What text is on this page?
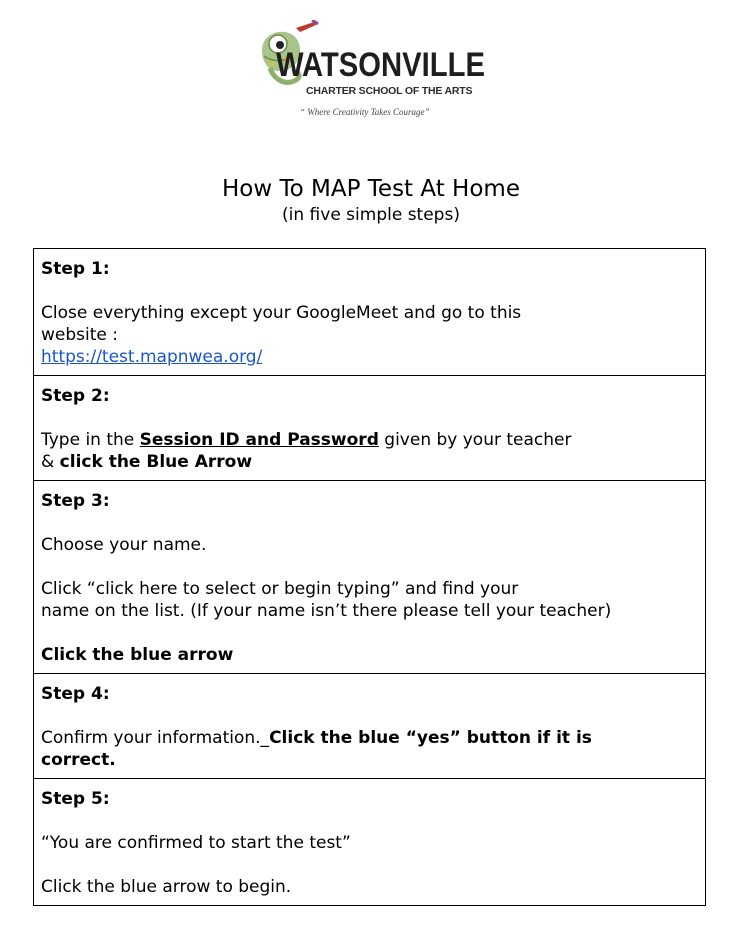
WATSONVILLE
CHARTER SCHOOL OF THE ARTS
“ Where Creativity Takes Courage”
How To MAP Test At Home
(in five simple steps)
Step 1:
Close everything except your GoogleMeet and go to this
website :
https://test.mapnwea.org/

Step 2:
Type in the Session ID and Password given by your teacher
& click the Blue Arrow

Step 3:
Choose your name.
Click “click here to select or begin typing” and find your
name on the list. (If your name isn’t there please tell your teacher)
Click the blue arrow

Step 4:
Confirm your information._Click the blue “yes” button if it is
correct.

Step 5:
“You are confirmed to start the test”
Click the blue arrow to begin.
